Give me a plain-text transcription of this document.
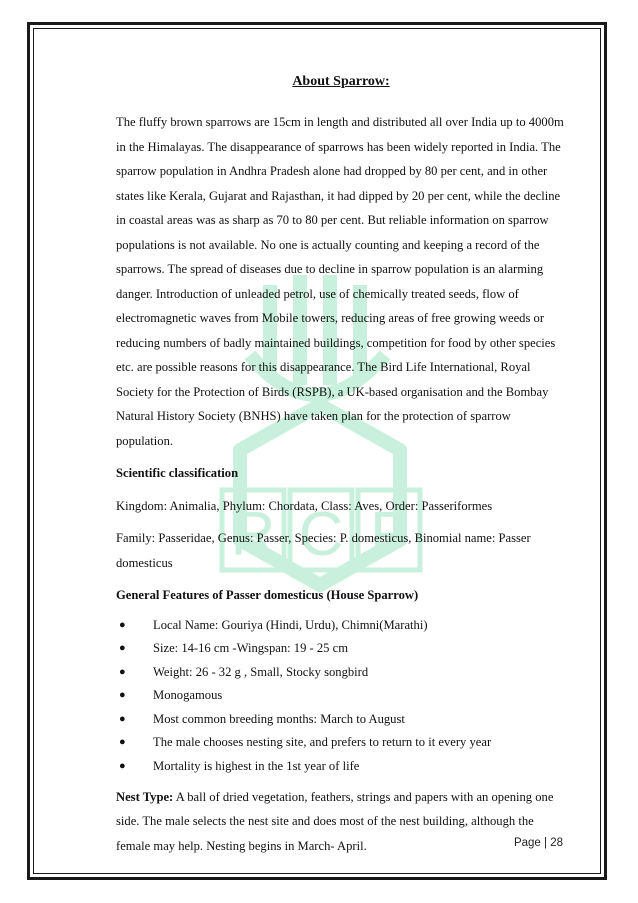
R C F
About Sparrow:

The fluffy brown sparrows are 15cm in length and distributed all over India up to 4000m in the Himalayas. The disappearance of sparrows has been widely reported in India. The sparrow population in Andhra Pradesh alone had dropped by 80 per cent, and in other states like Kerala, Gujarat and Rajasthan, it had dipped by 20 per cent, while the decline in coastal areas was as sharp as 70 to 80 per cent. But reliable information on sparrow populations is not available. No one is actually counting and keeping a record of the sparrows. The spread of diseases due to decline in sparrow population is an alarming danger. Introduction of unleaded petrol, use of chemically treated seeds, flow of electromagnetic waves from Mobile towers, reducing areas of free growing weeds or reducing numbers of badly maintained buildings, competition for food by other species etc. are possible reasons for this disappearance. The Bird Life International, Royal Society for the Protection of Birds (RSPB), a UK-based organisation and the Bombay Natural History Society (BNHS) have taken plan for the protection of sparrow population.

Scientific classification

Kingdom: Animalia, Phylum: Chordata, Class: Aves, Order: Passeriformes

Family: Passeridae, Genus: Passer, Species: P. domesticus, Binomial name: Passer domesticus

General Features of Passer domesticus (House Sparrow)

● Local Name: Gouriya (Hindi, Urdu), Chimni(Marathi)
● Size: 14-16 cm -Wingspan: 19 - 25 cm
● Weight: 26 - 32 g , Small, Stocky songbird
● Monogamous
● Most common breeding months: March to August
● The male chooses nesting site, and prefers to return to it every year
● Mortality is highest in the 1st year of life

Nest Type: A ball of dried vegetation, feathers, strings and papers with an opening one side. The male selects the nest site and does most of the nest building, although the female may help. Nesting begins in March- April.	Page | 28
